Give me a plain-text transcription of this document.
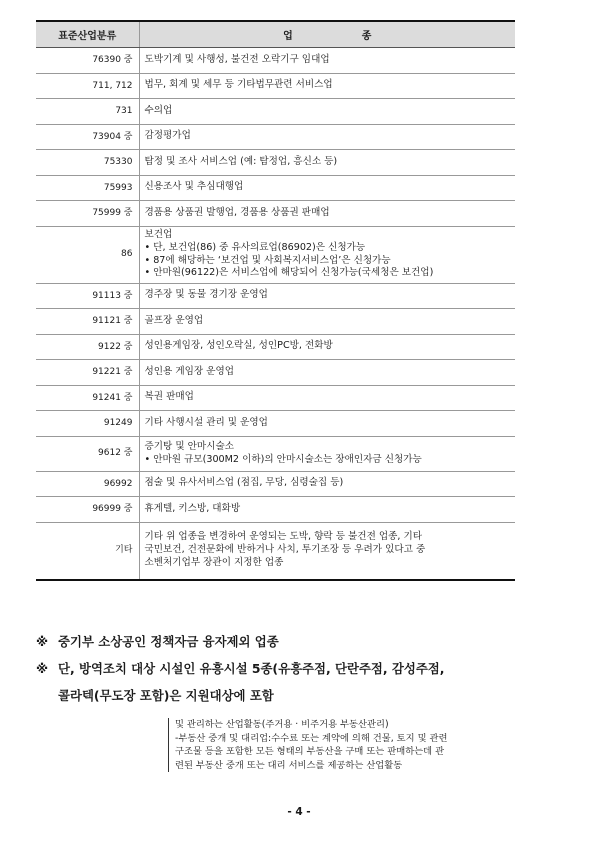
표준산업분류	업 종
76390 중	도박기계 및 사행성, 불건전 오락기구 임대업

711, 712	법무, 회계 및 세무 등 기타법무관련 서비스업

731	수의업

73904 중	감정평가업

75330	탐정 및 조사 서비스업 (예: 탐정업, 흥신소 등)

75993	신용조사 및 추심대행업

75999 중	경품용 상품권 발행업, 경품용 상품권 판매업

86	보건업
• 단, 보건업(86) 중 유사의료업(86902)은 신청가능
• 87에 해당하는 ‘보건업 및 사회복지서비스업’은 신청가능
• 안마원(96122)은 서비스업에 해당되어 신청가능(국세청은 보건업)

91113 중	경주장 및 동물 경기장 운영업

91121 중	골프장 운영업

9122 중	성인용게임장, 성인오락실, 성인PC방, 전화방

91221 중	성인용 게임장 운영업

91241 중	복권 판매업

91249	기타 사행시설 관리 및 운영업

9612 중	증기탕 및 안마시술소
• 안마원 규모(300M2 이하)의 안마시술소는 장애인자금 신청가능

96992	점술 및 유사서비스업 (점집, 무당, 심령술집 등)

96999 중	휴게텔, 키스방, 대화방

기타	기타 위 업종을 변경하여 운영되는 도박, 향락 등 불건전 업종, 기타
국민보건, 건전문화에 반하거나 사치, 투기조장 등 우려가 있다고 중
소벤처기업부 장관이 지정한 업종
※ 중기부 소상공인 정책자금 융자제외 업종
※ 단, 방역조치 대상 시설인 유흥시설 5종(유흥주점, 단란주점, 감성주점,
콜라텍(무도장 포함)은 지원대상에 포함
및 관리하는 산업활동(주거용 · 비주거용 부동산관리)
-부동산 중개 및 대리업:수수료 또는 계약에 의해 건물, 토지 및 관련
구조물 등을 포함한 모든 형태의 부동산을 구매 또는 판매하는데 관
련된 부동산 중개 또는 대리 서비스를 제공하는 산업활동
- 4 -
